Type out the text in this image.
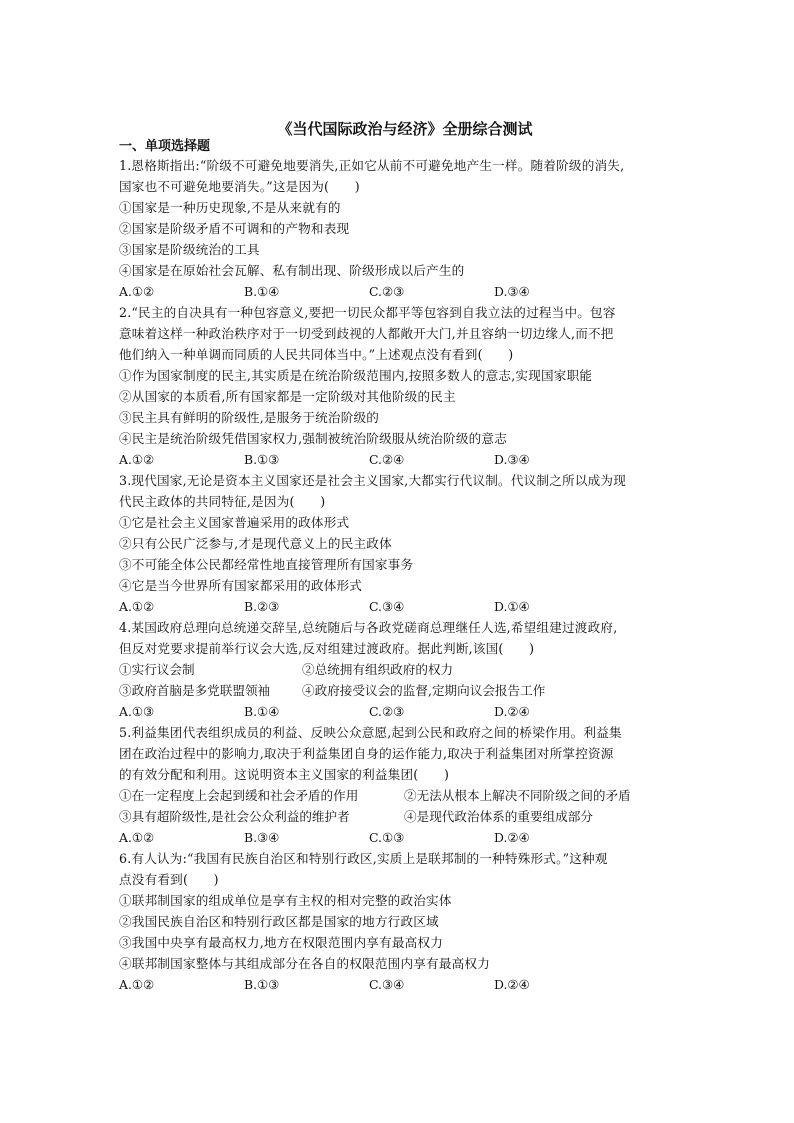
《当代国际政治与经济》全册综合测试
一、单项选择题
1.恩格斯指出:“阶级不可避免地要消失,正如它从前不可避免地产生一样。随着阶级的消失,
国家也不可避免地要消失。”这是因为(　　)
①国家是一种历史现象,不是从来就有的
②国家是阶级矛盾不可调和的产物和表现
③国家是阶级统治的工具
④国家是在原始社会瓦解、私有制出现、阶级形成以后产生的
A.①②	B.①④	C.②③	D.③④
2.“民主的自决具有一种包容意义,要把一切民众都平等包容到自我立法的过程当中。包容
意味着这样一种政治秩序对于一切受到歧视的人都敞开大门,并且容纳一切边缘人,而不把
他们纳入一种单调而同质的人民共同体当中。”上述观点没有看到(　　)
①作为国家制度的民主,其实质是在统治阶级范围内,按照多数人的意志,实现国家职能
②从国家的本质看,所有国家都是一定阶级对其他阶级的民主
③民主具有鲜明的阶级性,是服务于统治阶级的
④民主是统治阶级凭借国家权力,强制被统治阶级服从统治阶级的意志
A.①②	B.①③	C.②④	D.③④
3.现代国家,无论是资本主义国家还是社会主义国家,大都实行代议制。代议制之所以成为现
代民主政体的共同特征,是因为(　　)
①它是社会主义国家普遍采用的政体形式
②只有公民广泛参与,才是现代意义上的民主政体
③不可能全体公民都经常性地直接管理所有国家事务
④它是当今世界所有国家都采用的政体形式
A.①②	B.②③	C.③④	D.①④
4.某国政府总理向总统递交辞呈,总统随后与各政党磋商总理继任人选,希望组建过渡政府,
但反对党要求提前举行议会大选,反对组建过渡政府。据此判断,该国(　　)
①实行议会制	②总统拥有组织政府的权力
③政府首脑是多党联盟领袖	④政府接受议会的监督,定期向议会报告工作
A.①③	B.①④	C.②③	D.②④
5.利益集团代表组织成员的利益、反映公众意愿,起到公民和政府之间的桥梁作用。利益集
团在政治过程中的影响力,取决于利益集团自身的运作能力,取决于利益集团对所掌控资源
的有效分配和利用。这说明资本主义国家的利益集团(　　)
①在一定程度上会起到缓和社会矛盾的作用	②无法从根本上解决不同阶级之间的矛盾
③具有超阶级性,是社会公众利益的维护者	④是现代政治体系的重要组成部分
A.①②	B.③④	C.①③	D.②④
6.有人认为:“我国有民族自治区和特别行政区,实质上是联邦制的一种特殊形式。”这种观
点没有看到(　　)
①联邦制国家的组成单位是享有主权的相对完整的政治实体
②我国民族自治区和特别行政区都是国家的地方行政区域
③我国中央享有最高权力,地方在权限范围内享有最高权力
④联邦制国家整体与其组成部分在各自的权限范围内享有最高权力
A.①②	B.①③	C.③④	D.②④
